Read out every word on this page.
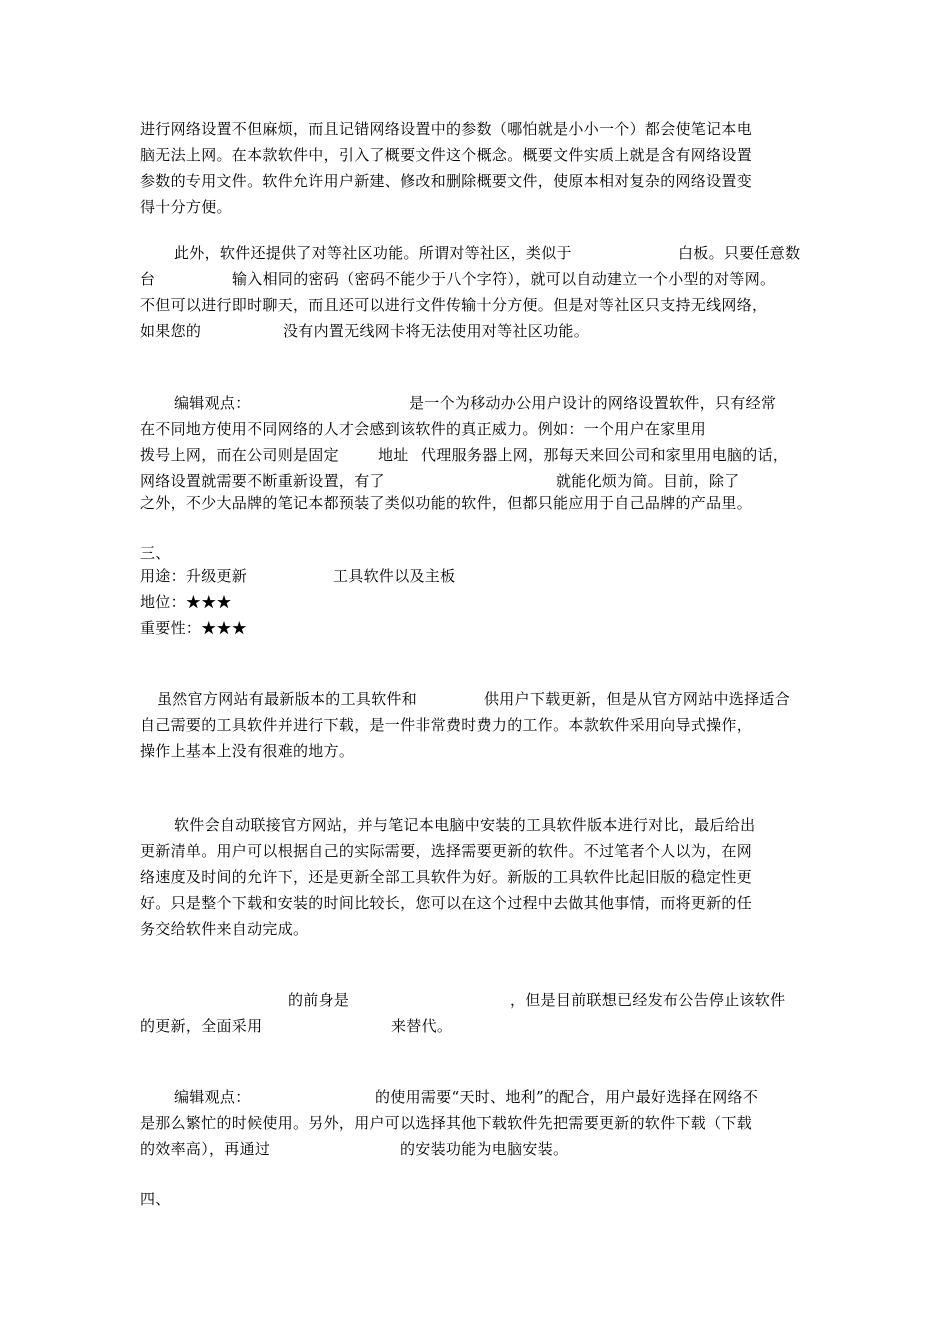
进行网络设置不但麻烦，而且记错网络设置中的参数（哪怕就是小小一个）都会使笔记本电
脑无法上网。在本款软件中，引入了概要文件这个概念。概要文件实质上就是含有网络设置
参数的专用文件。软件允许用户新建、修改和删除概要文件，使原本相对复杂的网络设置变
得十分方便。
此外，软件还提供了对等社区功能。所谓对等社区，类似于	白板。只要任意数
台	输入相同的密码（密码不能少于八个字符），就可以自动建立一个小型的对等网。
不但可以进行即时聊天，而且还可以进行文件传输十分方便。但是对等社区只支持无线网络，
如果您的	没有内置无线网卡将无法使用对等社区功能。
编辑观点：	是一个为移动办公用户设计的网络设置软件，只有经常
在不同地方使用不同网络的人才会感到该软件的真正威力。例如：一个用户在家里用
拨号上网，而在公司则是固定	地址 代理服务器上网，那每天来回公司和家里用电脑的话，
网络设置就需要不断重新设置，有了	就能化烦为简。目前，除了
之外，不少大品牌的笔记本都预装了类似功能的软件，但都只能应用于自己品牌的产品里。
三、
用途：升级更新	工具软件以及主板
地位：★★★
重要性：★★★
虽然官方网站有最新版本的工具软件和	供用户下载更新，但是从官方网站中选择适合
自己需要的工具软件并进行下载，是一件非常费时费力的工作。本款软件采用向导式操作，
操作上基本上没有很难的地方。
软件会自动联接官方网站，并与笔记本电脑中安装的工具软件版本进行对比，最后给出
更新清单。用户可以根据自己的实际需要，选择需要更新的软件。不过笔者个人以为，在网
络速度及时间的允许下，还是更新全部工具软件为好。新版的工具软件比起旧版的稳定性更
好。只是整个下载和安装的时间比较长，您可以在这个过程中去做其他事情，而将更新的任
务交给软件来自动完成。
的前身是	，但是目前联想已经发布公告停止该软件
的更新，全面采用	来替代。
编辑观点：	的使用需要“天时、地利”的配合，用户最好选择在网络不
是那么繁忙的时候使用。另外，用户可以选择其他下载软件先把需要更新的软件下载（下载
的效率高），再通过	的安装功能为电脑安装。
四、
